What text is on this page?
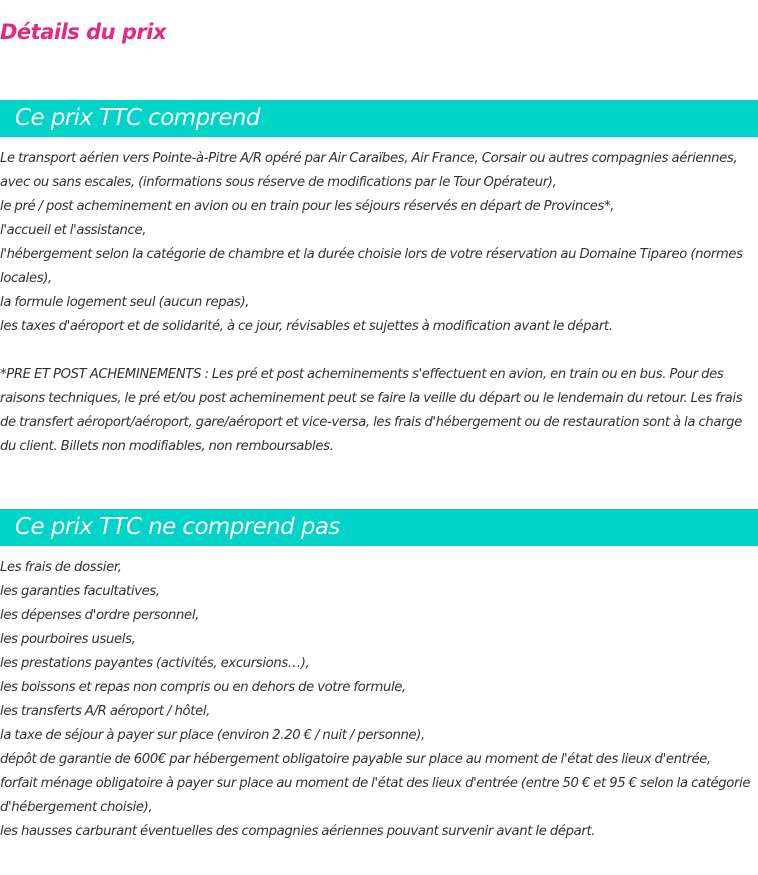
Détails du prix
Ce prix TTC comprend
Le transport aérien vers Pointe-à-Pitre A/R opéré par Air Caraïbes, Air France, Corsair ou autres compagnies aériennes, avec ou sans escales, (informations sous réserve de modifications par le Tour Opérateur),
le pré / post acheminement en avion ou en train pour les séjours réservés en départ de Provinces*,
l'accueil et l'assistance,
l'hébergement selon la catégorie de chambre et la durée choisie lors de votre réservation au Domaine Tipareo (normes locales),
la formule logement seul (aucun repas),
les taxes d'aéroport et de solidarité, à ce jour, révisables et sujettes à modification avant le départ.
*PRE ET POST ACHEMINEMENTS : Les pré et post acheminements s'effectuent en avion, en train ou en bus. Pour des raisons techniques, le pré et/ou post acheminement peut se faire la veille du départ ou le lendemain du retour. Les frais de transfert aéroport/aéroport, gare/aéroport et vice-versa, les frais d'hébergement ou de restauration sont à la charge du client. Billets non modifiables, non remboursables.
Ce prix TTC ne comprend pas
Les frais de dossier,
les garanties facultatives,
les dépenses d'ordre personnel,
les pourboires usuels,
les prestations payantes (activités, excursions…),
les boissons et repas non compris ou en dehors de votre formule,
les transferts A/R aéroport / hôtel,
la taxe de séjour à payer sur place (environ 2.20 € / nuit / personne),
dépôt de garantie de 600€ par hébergement obligatoire payable sur place au moment de l'état des lieux d'entrée,
forfait ménage obligatoire à payer sur place au moment de l'état des lieux d'entrée (entre 50 € et 95 € selon la catégorie d'hébergement choisie),
les hausses carburant éventuelles des compagnies aériennes pouvant survenir avant le départ.
